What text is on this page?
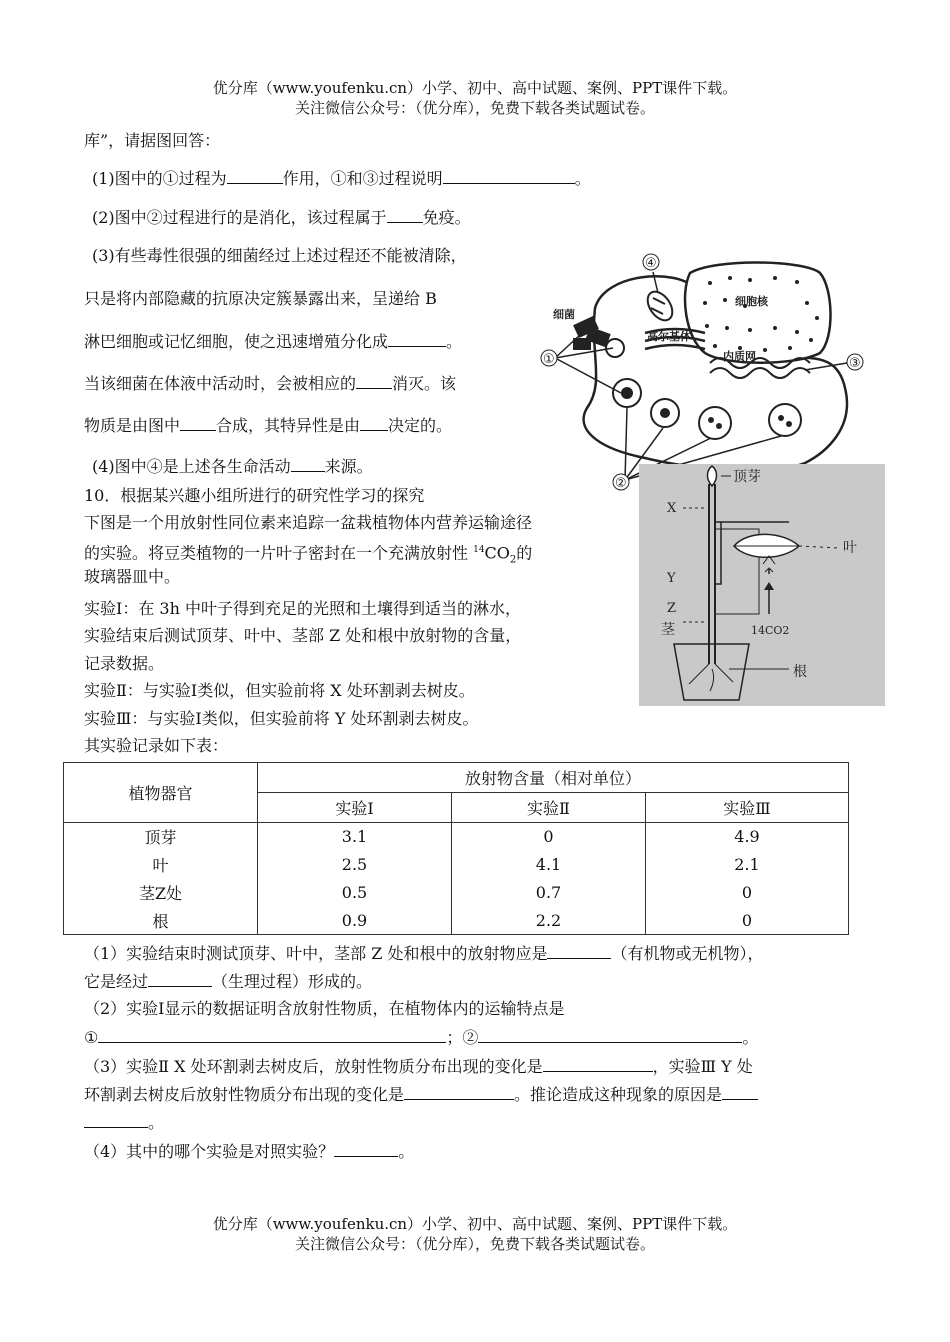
优分库（www.youfenku.cn）小学、初中、高中试题、案例、PPT课件下载。
关注微信公众号：（优分库），免费下载各类试题试卷。
库”，请据图回答：
(1)图中的①过程为	作用，①和③过程说明	。
(2)图中②过程进行的是消化，该过程属于 免疫。
(3)有些毒性很强的细菌经过上述过程还不能被清除，
只是将内部隐藏的抗原决定簇暴露出来，呈递给 B
淋巴细胞或记忆细胞，使之迅速增殖分化成	。
当该细菌在体液中活动时，会被相应的 消灭。该
物质是由图中 合成，其特异性是由 决定的。
(4)图中④是上述各生命活动 来源。
细胞核
细菌
高尔基体
内质网
①
②
③
④
顶芽
叶
14CO2
X
Y
Z
茎
根
10．根据某兴趣小组所进行的研究性学习的探究
下图是一个用放射性同位素来追踪一盆栽植物体内营养运输途径
的实验。将豆类植物的一片叶子密封在一个充满放射性 $^{14}CO_2$的
玻璃器皿中。
实验Ⅰ：在 3h 中叶子得到充足的光照和土壤得到适当的淋水，
实验结束后测试顶芽、叶中、茎部 Z 处和根中放射物的含量，
记录数据。
实验Ⅱ：与实验Ⅰ类似，但实验前将 X 处环割剥去树皮。
实验Ⅲ：与实验Ⅰ类似，但实验前将 Y 处环割剥去树皮。
其实验记录如下表：
植物器官	放射物含量（相对单位）		
	实验Ⅰ	实验Ⅱ	实验Ⅲ
顶芽	3.1	0	4.9
叶	2.5	4.1	2.1
茎Z处	0.5	0.7	0
根	0.9	2.2	0
（1）实验结束时测试顶芽、叶中，茎部 Z 处和根中的放射物应是	（有机物或无机物），
它是经过	（生理过程）形成的。
（2）实验Ⅰ显示的数据证明含放射性物质，在植物体内的运输特点是
①	；②	。
（3）实验Ⅱ X 处环割剥去树皮后，放射性物质分布出现的变化是	，实验Ⅲ Y 处
环割剥去树皮后放射性物质分布出现的变化是	。推论造成这种现象的原因是
。
（4）其中的哪个实验是对照实验？	。
优分库（www.youfenku.cn）小学、初中、高中试题、案例、PPT课件下载。
关注微信公众号：（优分库），免费下载各类试题试卷。
